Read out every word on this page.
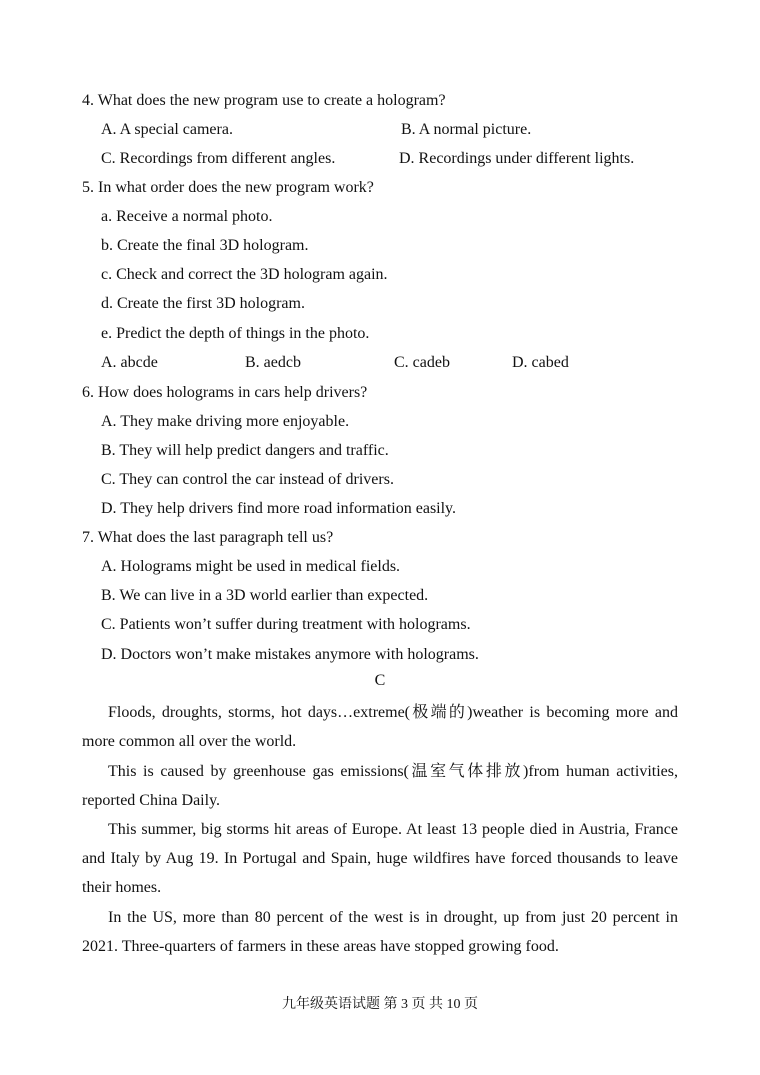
4. What does the new program use to create a hologram?
A. A special camera.	B. A normal picture.
C. Recordings from different angles.	D. Recordings under different lights.
5. In what order does the new program work?
a. Receive a normal photo.
b. Create the final 3D hologram.
c. Check and correct the 3D hologram again.
d. Create the first 3D hologram.
e. Predict the depth of things in the photo.
A. abcde	B. aedcb	C. cadeb	D. cabed
6. How does holograms in cars help drivers?
A. They make driving more enjoyable.
B. They will help predict dangers and traffic.
C. They can control the car instead of drivers.
D. They help drivers find more road information easily.
7. What does the last paragraph tell us?
A. Holograms might be used in medical fields.
B. We can live in a 3D world earlier than expected.
C. Patients won’t suffer during treatment with holograms.
D. Doctors won’t make mistakes anymore with holograms.
C
Floods, droughts, storms, hot days…extreme(极端的)weather is becoming more and more common all over the world.
This is caused by greenhouse gas emissions(温室气体排放)from human activities, reported China Daily.
This summer, big storms hit areas of Europe. At least 13 people died in Austria, France and Italy by Aug 19. In Portugal and Spain, huge wildfires have forced thousands to leave their homes.
In the US, more than 80 percent of the west is in drought, up from just 20 percent in 2021. Three-quarters of farmers in these areas have stopped growing food.
九年级英语试题 第 3 页 共 10 页
